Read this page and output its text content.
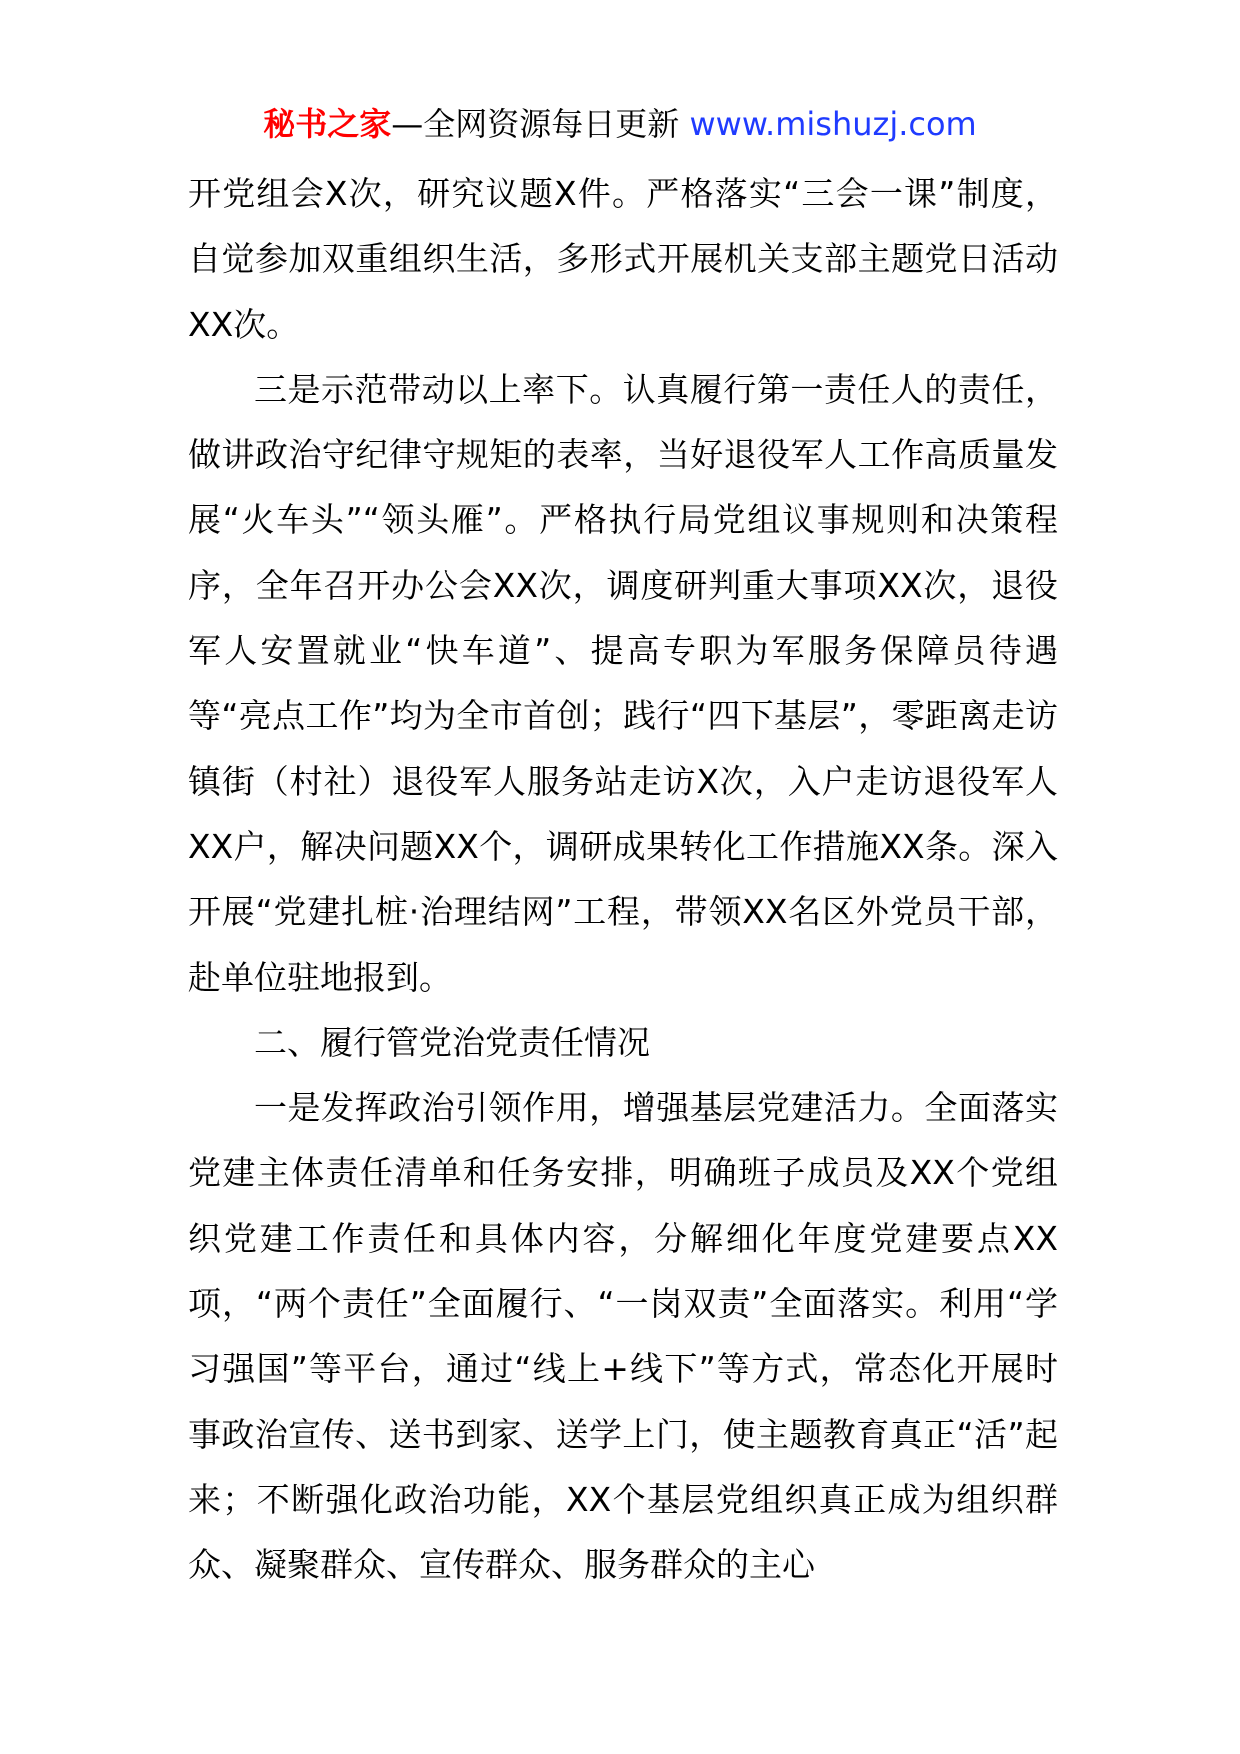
秘书之家—全网资源每日更新 www.mishuzj.com

开党组会X次，研究议题X件。严格落实“三会一课”制度，自觉参加双重组织生活，多形式开展机关支部主题党日活动XX次。

三是示范带动以上率下。认真履行第一责任人的责任，做讲政治守纪律守规矩的表率，当好退役军人工作高质量发展“火车头”“领头雁”。严格执行局党组议事规则和决策程序，全年召开办公会XX次，调度研判重大事项XX次，退役军人安置就业“快车道”、提高专职为军服务保障员待遇等“亮点工作”均为全市首创；践行“四下基层”，零距离走访镇街（村社）退役军人服务站走访X次，入户走访退役军人XX户，解决问题XX个，调研成果转化工作措施XX条。深入开展“党建扎桩·治理结网”工程，带领XX名区外党员干部，赴单位驻地报到。

二、履行管党治党责任情况

一是发挥政治引领作用，增强基层党建活力。全面落实党建主体责任清单和任务安排，明确班子成员及XX个党组织党建工作责任和具体内容，分解细化年度党建要点XX项，“两个责任”全面履行、“一岗双责”全面落实。利用“学习强国”等平台，通过“线上+线下”等方式，常态化开展时事政治宣传、送书到家、送学上门，使主题教育真正“活”起来；不断强化政治功能，XX个基层党组织真正成为组织群众、凝聚群众、宣传群众、服务群众的主心
